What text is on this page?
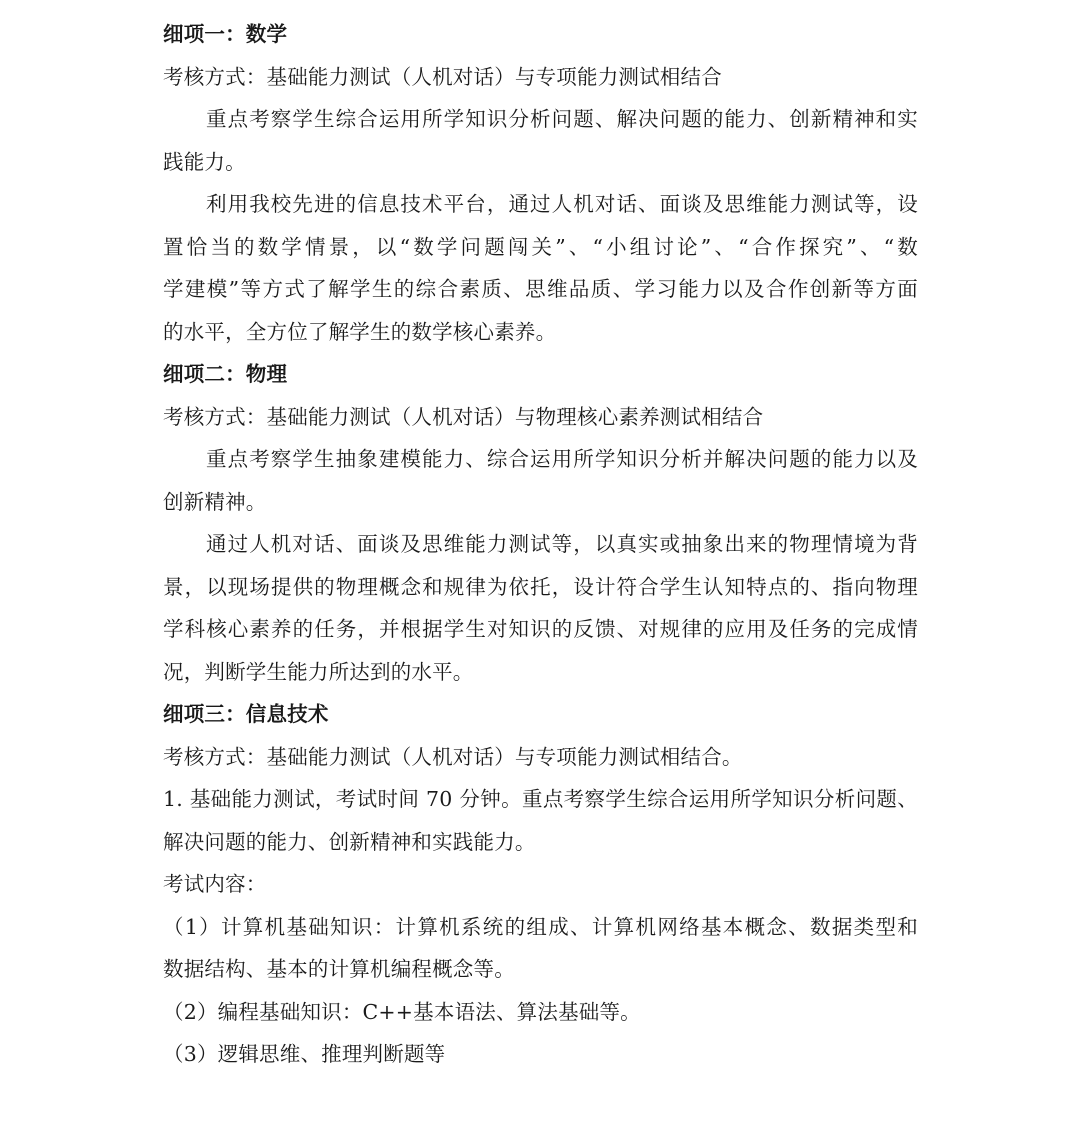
细项一：数学
考核方式：基础能力测试（人机对话）与专项能力测试相结合
重点考察学生综合运用所学知识分析问题、解决问题的能力、创新精神和实
践能力。
利用我校先进的信息技术平台，通过人机对话、面谈及思维能力测试等，设
置恰当的数学情景，以“数学问题闯关”、“小组讨论”、“合作探究”、“数
学建模”等方式了解学生的综合素质、思维品质、学习能力以及合作创新等方面
的水平，全方位了解学生的数学核心素养。
细项二：物理
考核方式：基础能力测试（人机对话）与物理核心素养测试相结合
重点考察学生抽象建模能力、综合运用所学知识分析并解决问题的能力以及
创新精神。
通过人机对话、面谈及思维能力测试等，以真实或抽象出来的物理情境为背
景，以现场提供的物理概念和规律为依托，设计符合学生认知特点的、指向物理
学科核心素养的任务，并根据学生对知识的反馈、对规律的应用及任务的完成情
况，判断学生能力所达到的水平。
细项三：信息技术
考核方式：基础能力测试（人机对话）与专项能力测试相结合。
1. 基础能力测试，考试时间 70 分钟。重点考察学生综合运用所学知识分析问题、
解决问题的能力、创新精神和实践能力。
考试内容：
（1）计算机基础知识：计算机系统的组成、计算机网络基本概念、数据类型和
数据结构、基本的计算机编程概念等。
（2）编程基础知识：C++基本语法、算法基础等。
（3）逻辑思维、推理判断题等
